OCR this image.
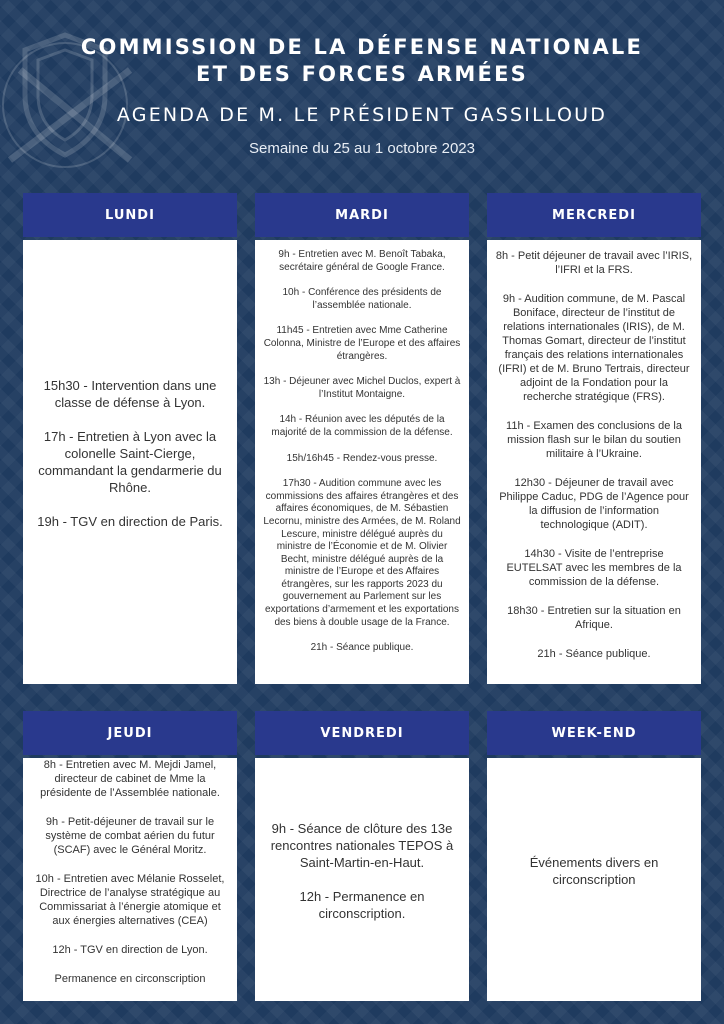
COMMISSION DE LA DÉFENSE NATIONALE
ET DES FORCES ARMÉES
AGENDA DE M. LE PRÉSIDENT GASSILLOUD
Semaine du 25 au 1 octobre 2023
LUNDI

15h30 - Intervention dans une classe de défense à Lyon.

17h - Entretien à Lyon avec la colonelle Saint-Cierge, commandant la gendarmerie du Rhône.

19h - TGV en direction de Paris.

MARDI

9h - Entretien avec M. Benoît Tabaka, secrétaire général de Google France.

10h - Conférence des présidents de l’assemblée nationale.

11h45 - Entretien avec Mme Catherine Colonna, Ministre de l’Europe et des affaires étrangères.

13h - Déjeuner avec Michel Duclos, expert à l’Institut Montaigne.

14h - Réunion avec les députés de la majorité de la commission de la défense.

15h/16h45 - Rendez-vous presse.

17h30 - Audition commune avec les commissions des affaires étrangères et des affaires économiques, de M. Sébastien Lecornu, ministre des Armées, de M. Roland Lescure, ministre délégué auprès du ministre de l’Économie et de M. Olivier Becht, ministre délégué auprès de la ministre de l’Europe et des Affaires étrangères, sur les rapports 2023 du gouvernement au Parlement sur les exportations d’armement et les exportations des biens à double usage de la France.

21h - Séance publique.

MERCREDI

8h - Petit déjeuner de travail avec l’IRIS, l’IFRI et la FRS.

9h - Audition commune, de M. Pascal Boniface, directeur de l’institut de relations internationales (IRIS), de M. Thomas Gomart, directeur de l’institut français des relations internationales (IFRI) et de M. Bruno Tertrais, directeur adjoint de la Fondation pour la recherche stratégique (FRS).

11h - Examen des conclusions de la mission flash sur le bilan du soutien militaire à l’Ukraine.

12h30 - Déjeuner de travail avec Philippe Caduc, PDG de l’Agence pour la diffusion de l’information technologique (ADIT).

14h30 - Visite de l’entreprise EUTELSAT avec les membres de la commission de la défense.

18h30 - Entretien sur la situation en Afrique.

21h - Séance publique.

JEUDI

8h - Entretien avec M. Mejdi Jamel, directeur de cabinet de Mme la présidente de l’Assemblée nationale.

9h - Petit-déjeuner de travail sur le système de combat aérien du futur (SCAF) avec le Général Moritz.

10h - Entretien avec Mélanie Rosselet, Directrice de l’analyse stratégique au Commissariat à l’énergie atomique et aux énergies alternatives (CEA)

12h - TGV en direction de Lyon.

Permanence en circonscription

VENDREDI

9h - Séance de clôture des 13e rencontres nationales TEPOS à Saint-Martin-en-Haut.

12h - Permanence en circonscription.

WEEK-END

Événements divers en circonscription
